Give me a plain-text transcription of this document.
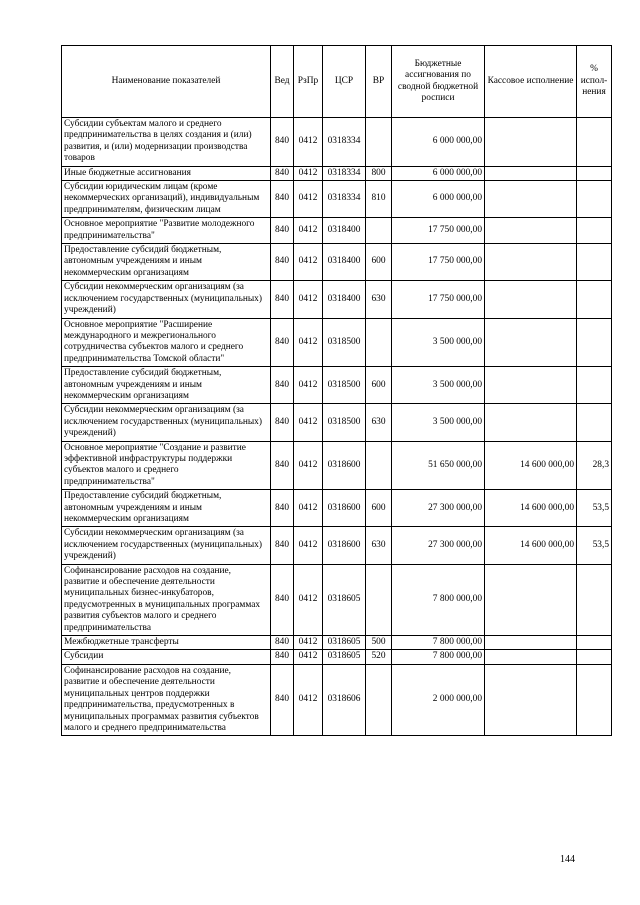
Наименование показателей	Вед	РзПр	ЦСР	ВР	Бюджетные ассигнования по сводной бюджетной росписи	Кассовое исполнение	% испол-нения
Субсидии субъектам малого и среднего предпринимательства в целях создания и (или) развития, и (или) модернизации производства товаров	840	0412	0318334		6 000 000,00		
Иные бюджетные ассигнования	840	0412	0318334	800	6 000 000,00		
Субсидии юридическим лицам (кроме некоммерческих организаций), индивидуальным предпринимателям, физическим лицам	840	0412	0318334	810	6 000 000,00		
Основное мероприятие "Развитие молодежного предпринимательства"	840	0412	0318400		17 750 000,00		
Предоставление субсидий бюджетным, автономным учреждениям и иным некоммерческим организациям	840	0412	0318400	600	17 750 000,00		
Субсидии некоммерческим организациям (за исключением государственных (муниципальных) учреждений)	840	0412	0318400	630	17 750 000,00		
Основное мероприятие "Расширение международного и межрегионального сотрудничества субъектов малого и среднего предпринимательства Томской области"	840	0412	0318500		3 500 000,00		
Предоставление субсидий бюджетным, автономным учреждениям и иным некоммерческим организациям	840	0412	0318500	600	3 500 000,00		
Субсидии некоммерческим организациям (за исключением государственных (муниципальных) учреждений)	840	0412	0318500	630	3 500 000,00		
Основное мероприятие "Создание и развитие эффективной инфраструктуры поддержки субъектов малого и среднего предпринимательства"	840	0412	0318600		51 650 000,00	14 600 000,00	28,3
Предоставление субсидий бюджетным, автономным учреждениям и иным некоммерческим организациям	840	0412	0318600	600	27 300 000,00	14 600 000,00	53,5
Субсидии некоммерческим организациям (за исключением государственных (муниципальных) учреждений)	840	0412	0318600	630	27 300 000,00	14 600 000,00	53,5
Софинансирование расходов на создание, развитие и обеспечение деятельности муниципальных бизнес-инкубаторов, предусмотренных в муниципальных программах развития субъектов малого и среднего предпринимательства	840	0412	0318605		7 800 000,00		
Межбюджетные трансферты	840	0412	0318605	500	7 800 000,00		
Субсидии	840	0412	0318605	520	7 800 000,00		
Софинансирование расходов на создание, развитие и обеспечение деятельности муниципальных центров поддержки предпринимательства, предусмотренных в муниципальных программах развития субъектов малого и среднего предпринимательства	840	0412	0318606		2 000 000,00		
144
